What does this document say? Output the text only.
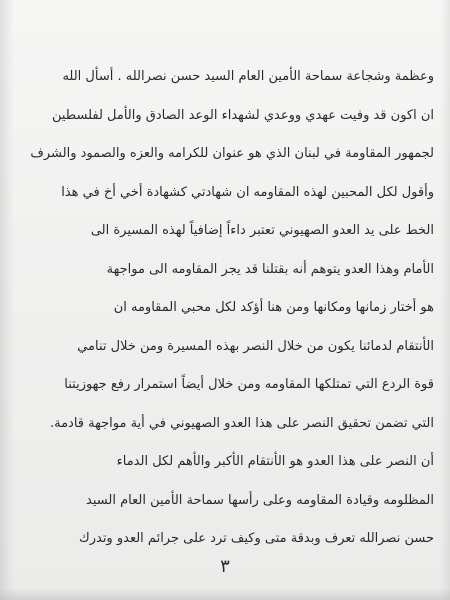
وعظمة وشجاعة سماحة الأمين العام السيد حسن نصرالله . أسأل الله
ان اكون قد وفيت عهدي ووعدي لشهداء الوعد الصادق والأمل لفلسطين
لجمهور المقاومة في لبنان الذي هو عنوان للكرامه والعزه والصمود والشرف
وأقول لكل المحبين لهذه المقاومه ان شهادتي كشهادة أخي أخ في هذا
الخط على يد العدو الصهيوني تعتبر داءاً إضافياً لهذه المسيرة الى
الأمام وهذا العدو يتوهم أنه بقتلنا قد يجر المقاومه الى مواجهة
هو أختار زمانها ومكانها ومن هنا أؤكد لكل محبي المقاومه ان
الأنتقام لدمائنا يكون من خلال النصر بهذه المسيرة ومن خلال تنامي
قوة الردع التي تمتلكها المقاومه ومن خلال أيضاً استمرار رفع جهوزيتنا
التي تضمن تحقيق النصر على هذا العدو الصهيوني في أية مواجهة قادمة.
أن النصر على هذا العدو هو الأنتقام الأكبر والأهم لكل الدماء
المظلومه وقيادة المقاومه وعلى رأسها سماحة الأمين العام السيد
حسن نصرالله تعرف وبدقة متى وكيف ترد على جرائم العدو وتدرك
٣
